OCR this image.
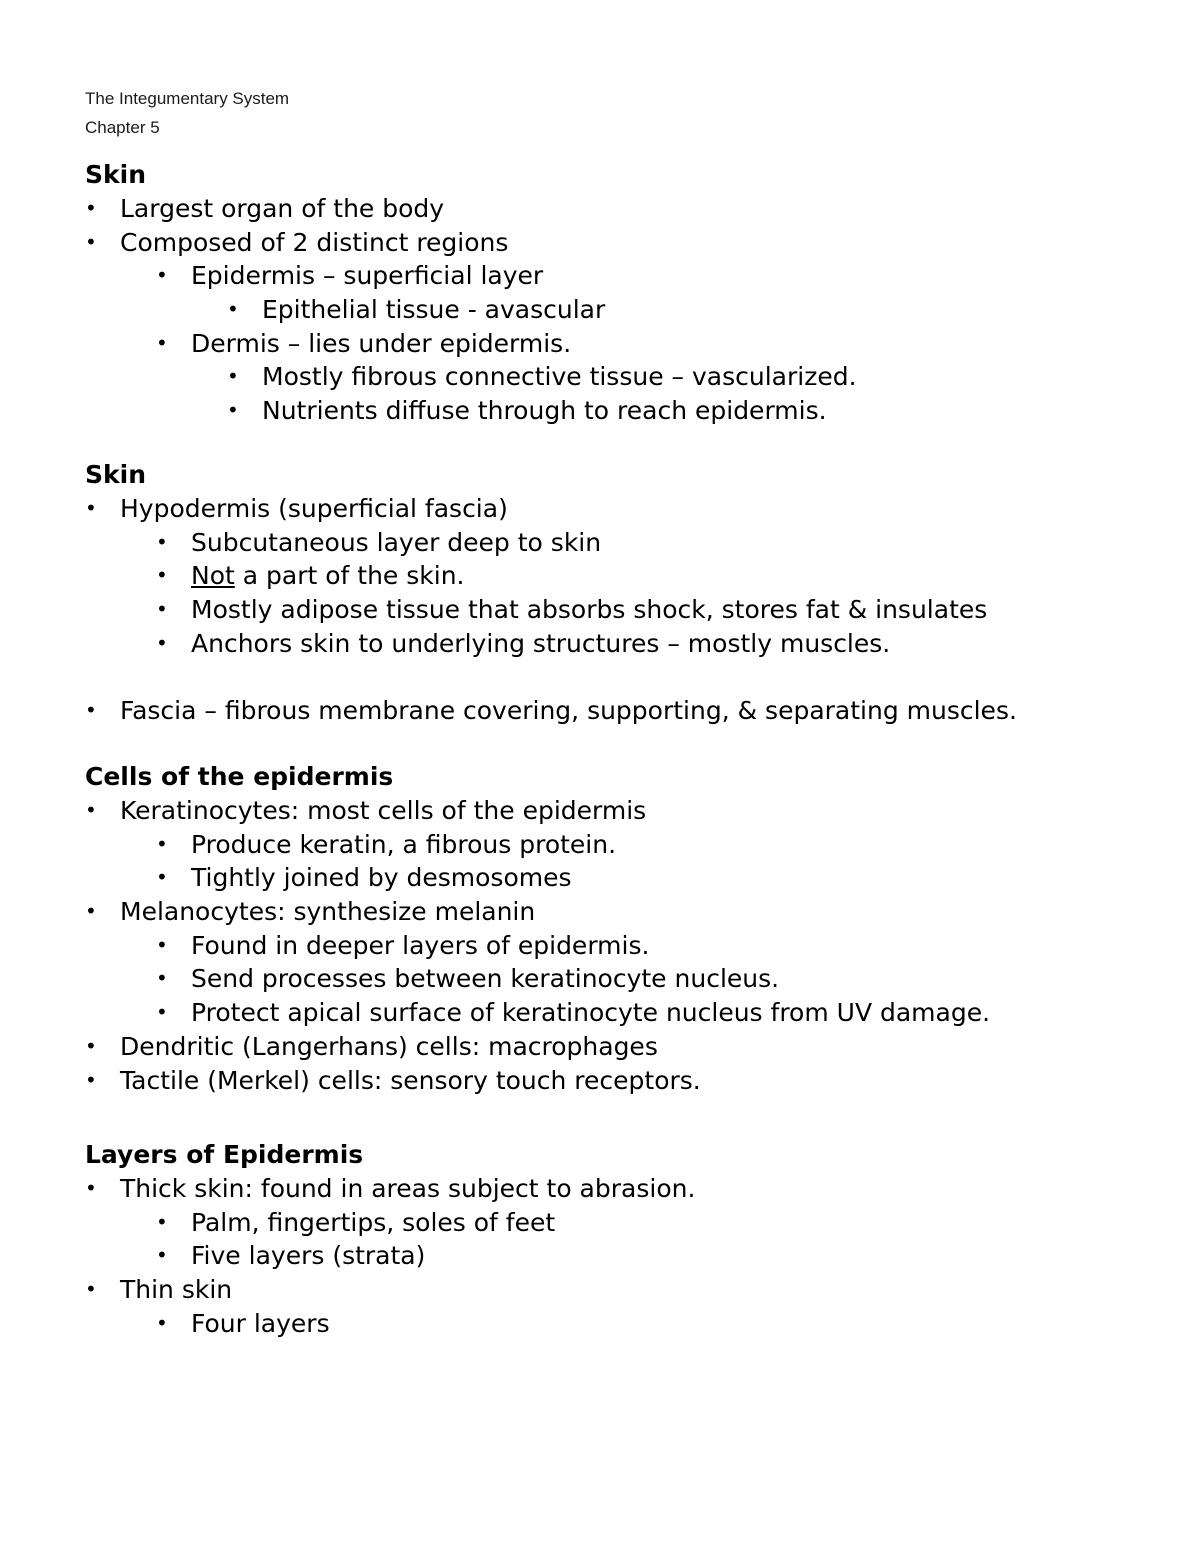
The Integumentary System
Chapter 5
Skin
• Largest organ of the body
• Composed of 2 distinct regions
• Epidermis – superficial layer
• Epithelial tissue - avascular
• Dermis – lies under epidermis.
• Mostly fibrous connective tissue – vascularized.
• Nutrients diffuse through to reach epidermis.
Skin
• Hypodermis (superficial fascia)
• Subcutaneous layer deep to skin
• Not a part of the skin.
• Mostly adipose tissue that absorbs shock, stores fat & insulates
• Anchors skin to underlying structures – mostly muscles.
• Fascia – fibrous membrane covering, supporting, & separating muscles.
Cells of the epidermis
• Keratinocytes: most cells of the epidermis
• Produce keratin, a fibrous protein.
• Tightly joined by desmosomes
• Melanocytes: synthesize melanin
• Found in deeper layers of epidermis.
• Send processes between keratinocyte nucleus.
• Protect apical surface of keratinocyte nucleus from UV damage.
• Dendritic (Langerhans) cells: macrophages
• Tactile (Merkel) cells: sensory touch receptors.
Layers of Epidermis
• Thick skin: found in areas subject to abrasion.
• Palm, fingertips, soles of feet
• Five layers (strata)
• Thin skin
• Four layers
